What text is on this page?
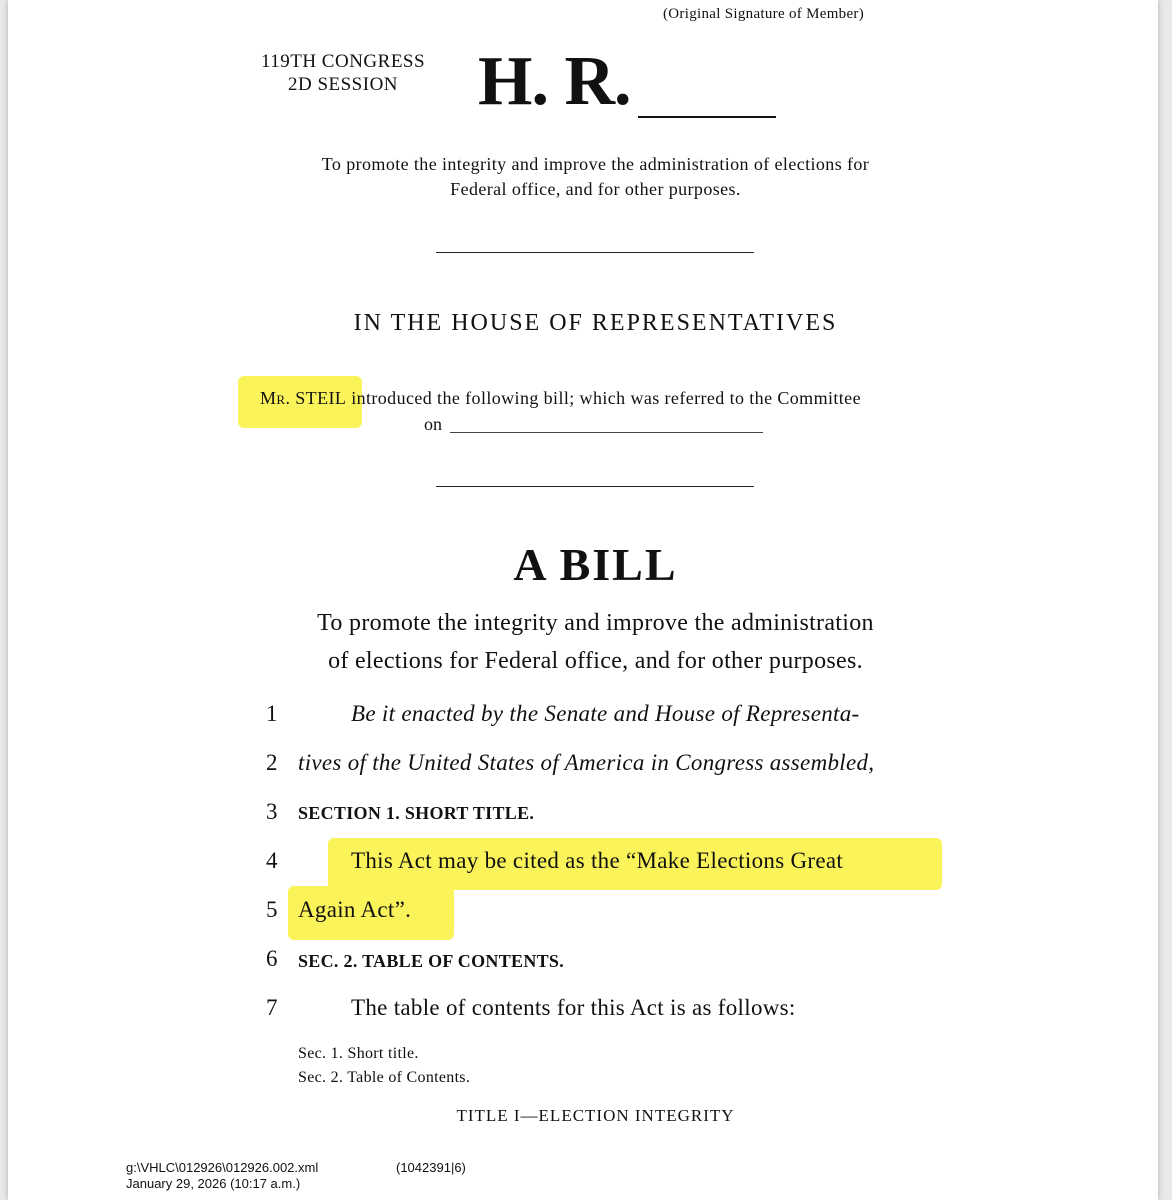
(Original Signature of Member)
119TH CONGRESS
2D SESSION	H. R.
To promote the integrity and improve the administration of elections for
Federal office, and for other purposes.
IN THE HOUSE OF REPRESENTATIVES
Mr. STEIL introduced the following bill; which was referred to the Committee
on
A BILL
To promote the integrity and improve the administration
of elections for Federal office, and for other purposes.
1	Be it enacted by the Senate and House of Representa-
2 tives of the United States of America in Congress assembled,
3 SECTION 1. SHORT TITLE.
4	This Act may be cited as the “Make Elections Great
5 Again Act”.
6 SEC. 2. TABLE OF CONTENTS.
7	The table of contents for this Act is as follows:
Sec. 1. Short title.
Sec. 2. Table of Contents.
TITLE I—ELECTION INTEGRITY
g:\VHLC\012926\012926.002.xml
January 29, 2026 (10:17 a.m.)
(1042391|6)
